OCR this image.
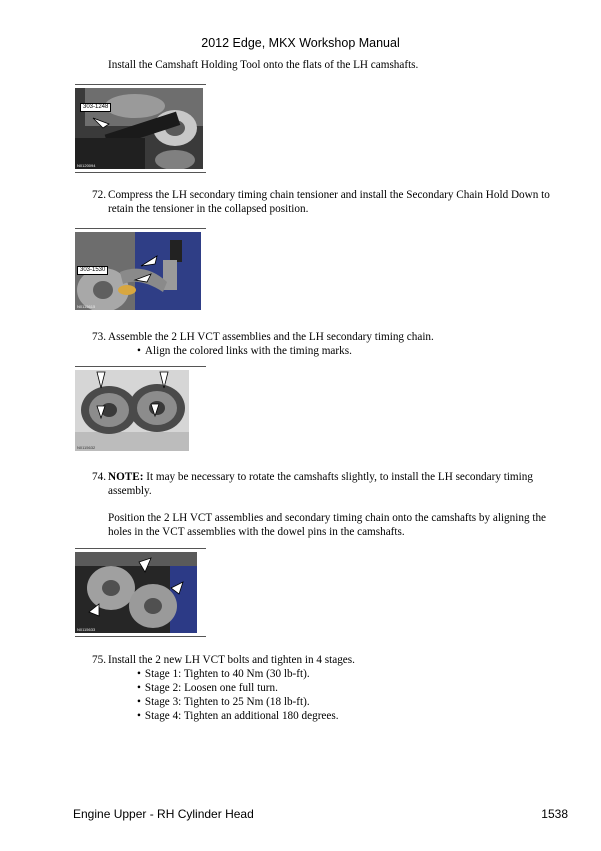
2012 Edge, MKX Workshop Manual
Install the Camshaft Holding Tool onto the flats of the LH camshafts.
303-1248
N0120094
72. Compress the LH secondary timing chain tensioner and install the Secondary Chain Hold Down to
retain the tensioner in the collapsed position.
303-1530
N0115615
73. Assemble the 2 LH VCT assemblies and the LH secondary timing chain.
• Align the colored links with the timing marks.
N0115632
74. NOTE: It may be necessary to rotate the camshafts slightly, to install the LH secondary timing
assembly.
Position the 2 LH VCT assemblies and secondary timing chain onto the camshafts by aligning the
holes in the VCT assemblies with the dowel pins in the camshafts.
N0115633
75. Install the 2 new LH VCT bolts and tighten in 4 stages.
• Stage 1: Tighten to 40 Nm (30 lb-ft).
• Stage 2: Loosen one full turn.
• Stage 3: Tighten to 25 Nm (18 lb-ft).
• Stage 4: Tighten an additional 180 degrees.
Engine Upper - RH Cylinder Head	1538
